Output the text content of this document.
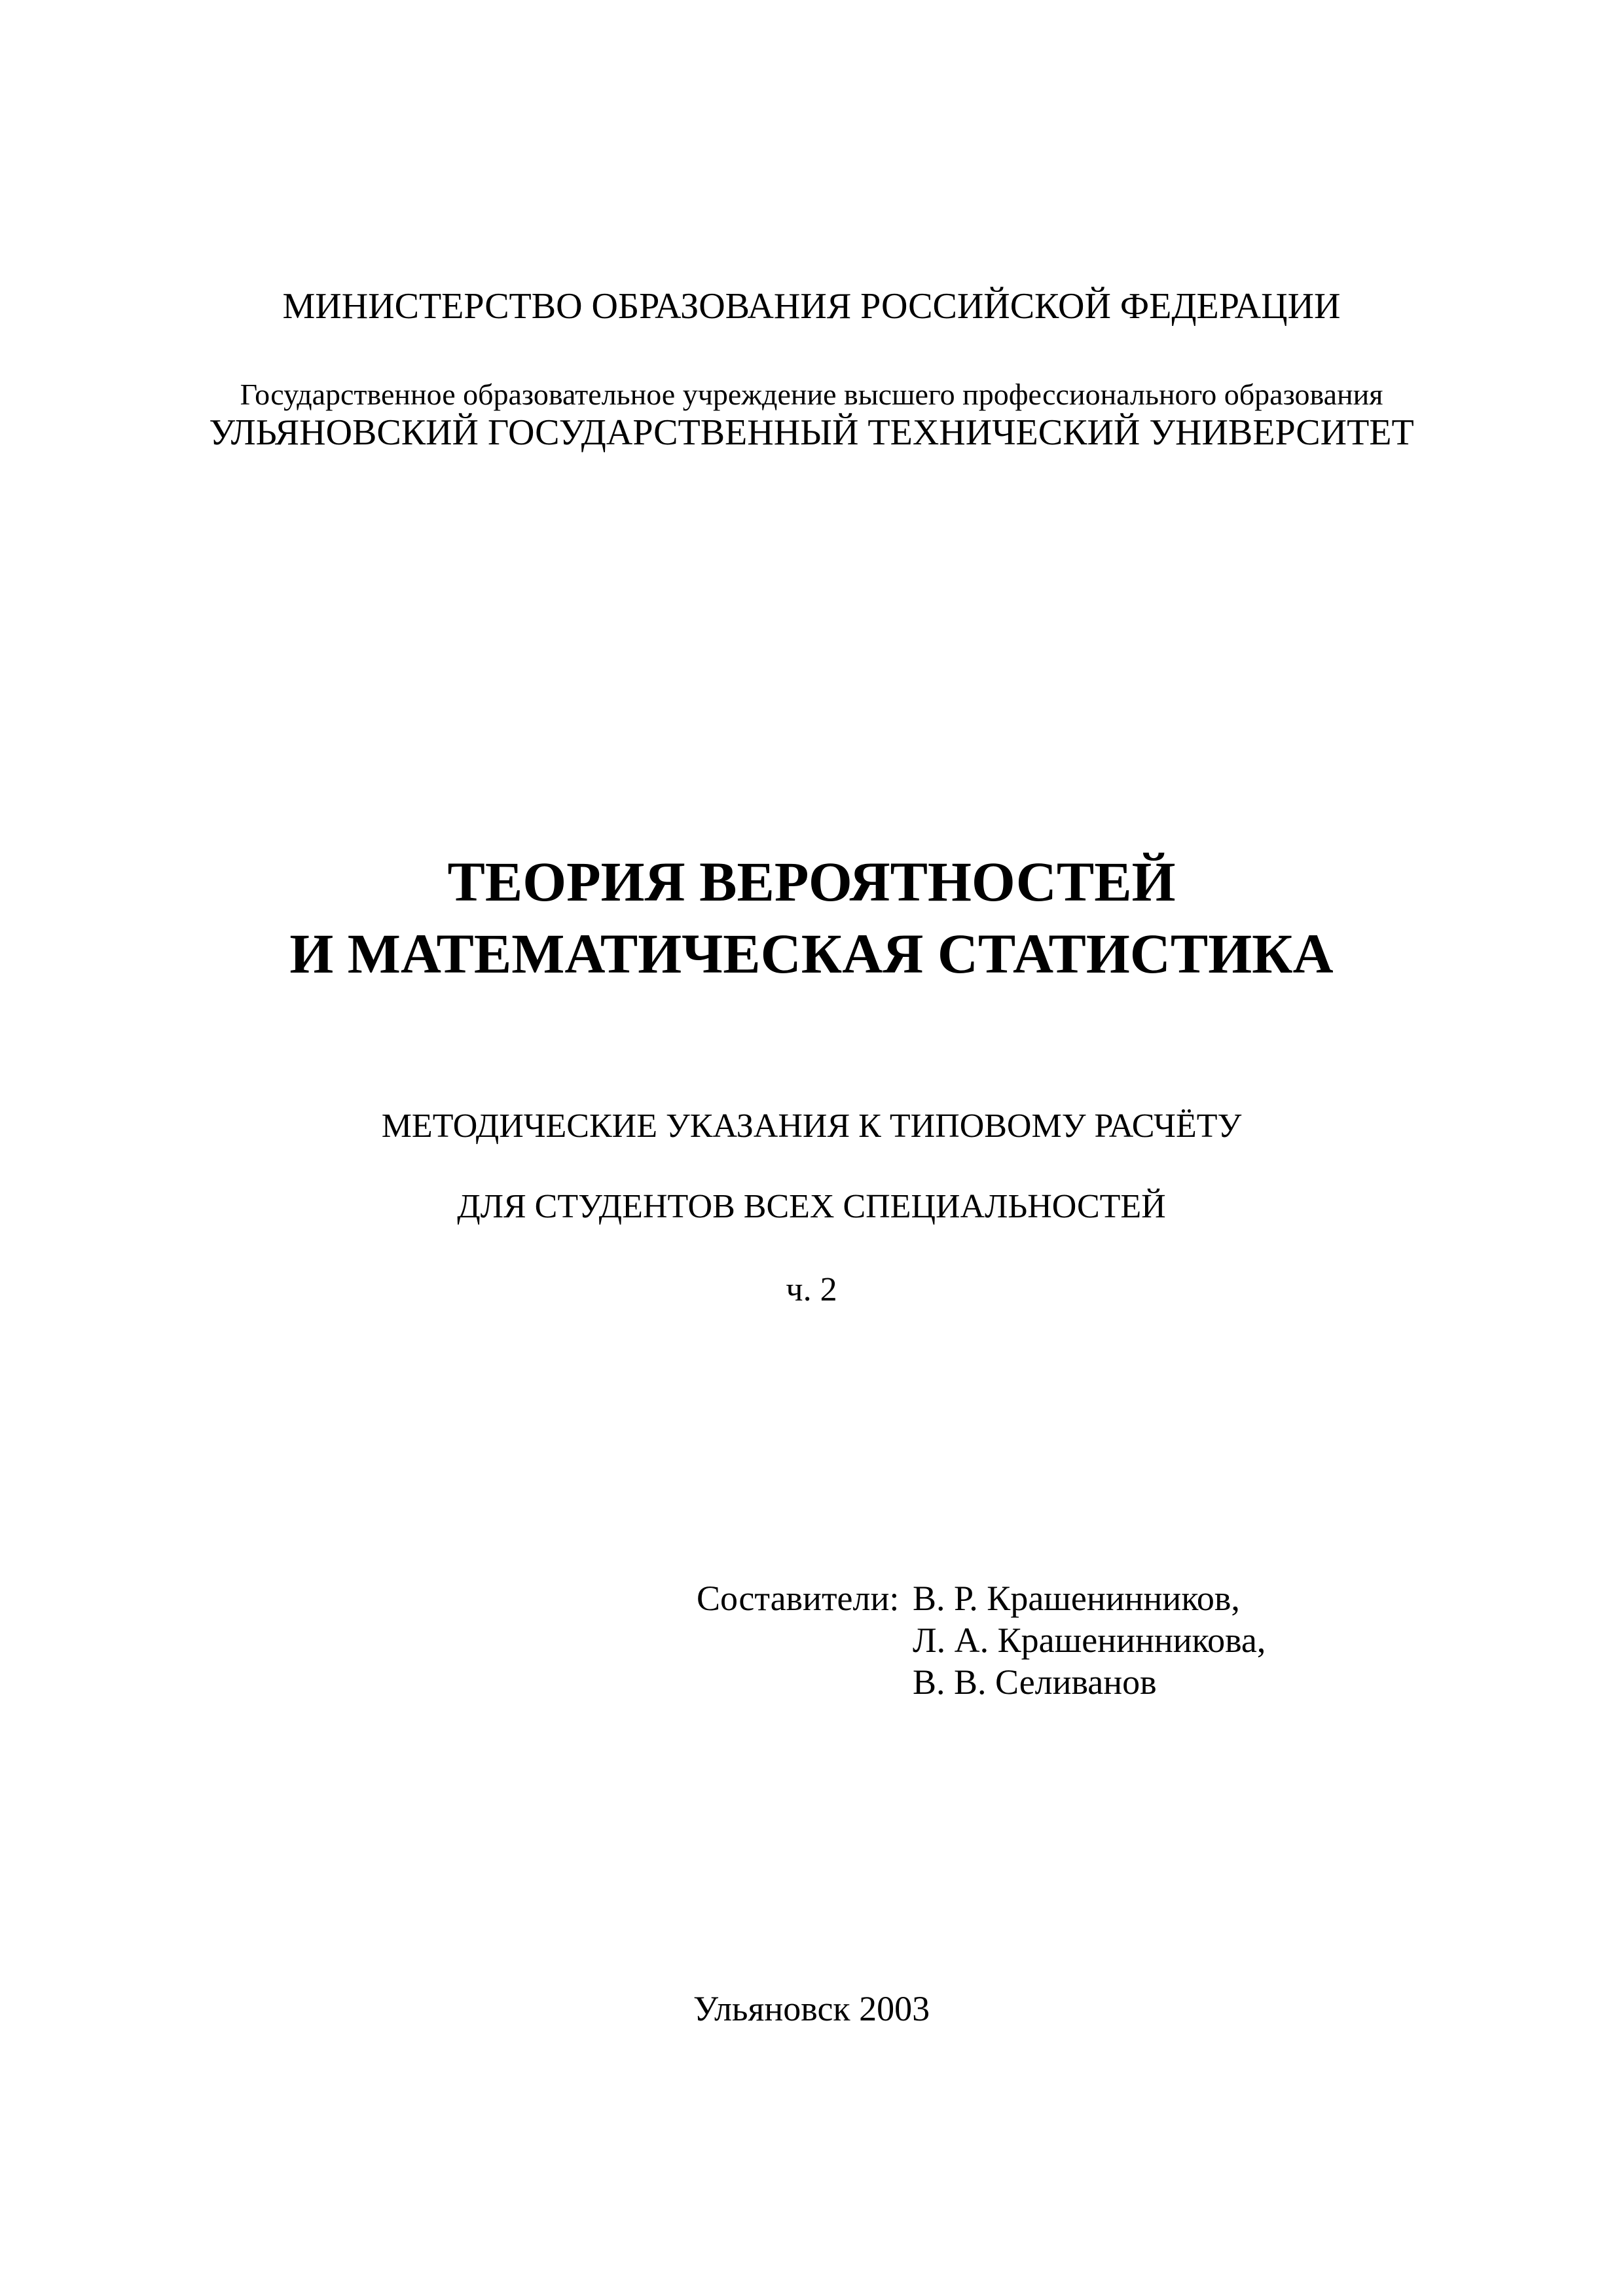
МИНИСТЕРСТВО ОБРАЗОВАНИЯ РОССИЙСКОЙ ФЕДЕРАЦИИ
Государственное образовательное учреждение высшего профессионального образования
УЛЬЯНОВСКИЙ ГОСУДАРСТВЕННЫЙ ТЕХНИЧЕСКИЙ УНИВЕРСИТЕТ
ТЕОРИЯ ВЕРОЯТНОСТЕЙ
И МАТЕМАТИЧЕСКАЯ СТАТИСТИКА
МЕТОДИЧЕСКИЕ УКАЗАНИЯ К ТИПОВОМУ РАСЧЁТУ
ДЛЯ СТУДЕНТОВ ВСЕХ СПЕЦИАЛЬНОСТЕЙ
ч. 2
Составители: В. Р. Крашенинников,
Л. А. Крашенинникова,
В. В. Селиванов
Ульяновск 2003
